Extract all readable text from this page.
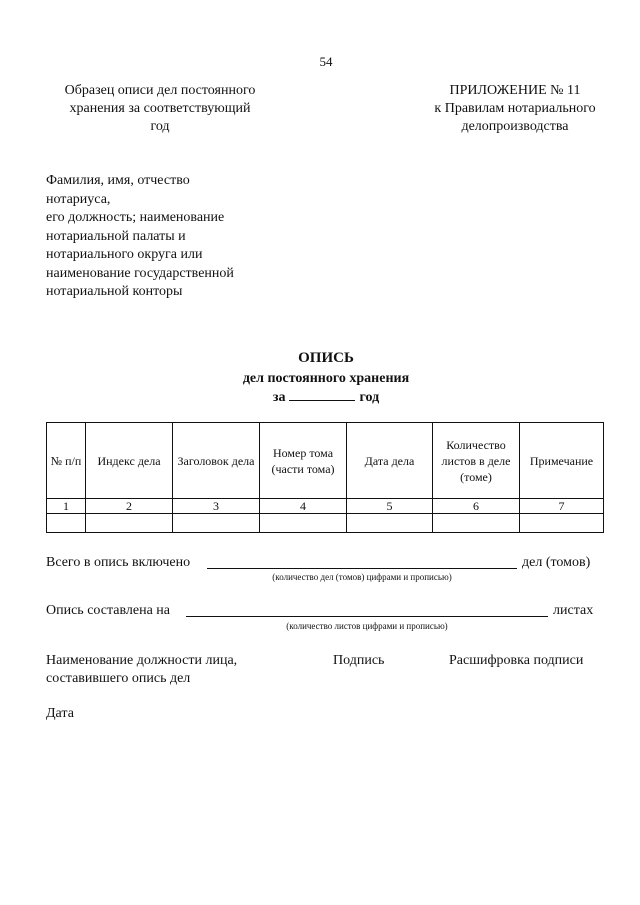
54
Образец описи дел постоянного
хранения за соответствующий
год
ПРИЛОЖЕНИЕ № 11
к Правилам нотариального
делопроизводства
Фамилия, имя, отчество
нотариуса,
его должность; наименование
нотариальной палаты и
нотариального округа или
наименование государственной
нотариальной конторы
ОПИСЬ
дел постоянного хранения
за	год
№ п/п	Индекс дела	Заголовок дела	Номер тома (части тома)	Дата дела	Количество листов в деле (томе)	Примечание
1	2	3	4	5	6	7

Всего в опись включено	дел (томов)
(количество дел (томов) цифрами и прописью)
Опись составлена на	листах
(количество листов цифрами и прописью)
Наименование должности лица,
составившего опись дел
Подпись	Расшифровка подписи
Дата
